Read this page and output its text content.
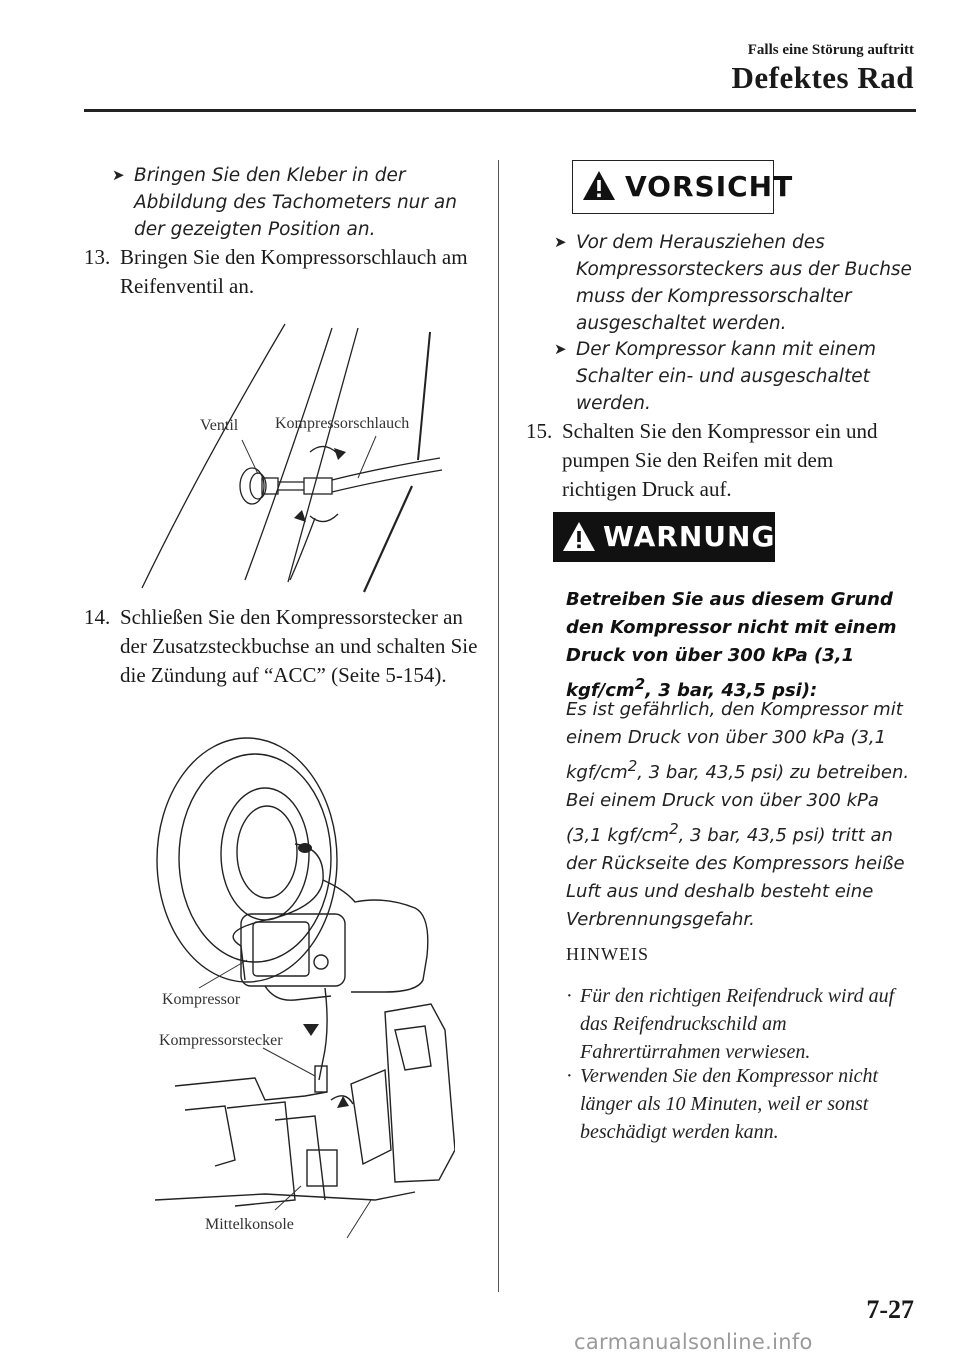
Falls eine Störung auftritt
Defektes Rad
➤ Bringen Sie den Kleber in der Abbildung des Tachometers nur an der gezeigten Position an.
13. Bringen Sie den Kompressorschlauch am Reifenventil an.
Ventil Kompressorschlauch
14. Schließen Sie den Kompressorstecker an der Zusatzsteckbuchse an und schalten Sie die Zündung auf “ACC” (Seite 5-154).
Kompressor
Kompressorstecker
Mittelkonsole
VORSICHT
➤ Vor dem Herausziehen des Kompressorsteckers aus der Buchse muss der Kompressorschalter ausgeschaltet werden.
➤ Der Kompressor kann mit einem Schalter ein- und ausgeschaltet werden.
15. Schalten Sie den Kompressor ein und pumpen Sie den Reifen mit dem richtigen Druck auf.
WARNUNG
Betreiben Sie aus diesem Grund den Kompressor nicht mit einem Druck von über 300 kPa (3,1 kgf/$cm^2$, 3 bar, 43,5 psi):
Es ist gefährlich, den Kompressor mit einem Druck von über 300 kPa (3,1 kgf/$cm^2$, 3 bar, 43,5 psi) zu betreiben. Bei einem Druck von über 300 kPa (3,1 kgf/$cm^2$, 3 bar, 43,5 psi) tritt an der Rückseite des Kompressors heiße Luft aus und deshalb besteht eine Verbrennungsgefahr.
HINWEIS
· Für den richtigen Reifendruck wird auf das Reifendruckschild am Fahrertürrahmen verwiesen.
· Verwenden Sie den Kompressor nicht länger als 10 Minuten, weil er sonst beschädigt werden kann.
7-27
carmanualsonline.info
